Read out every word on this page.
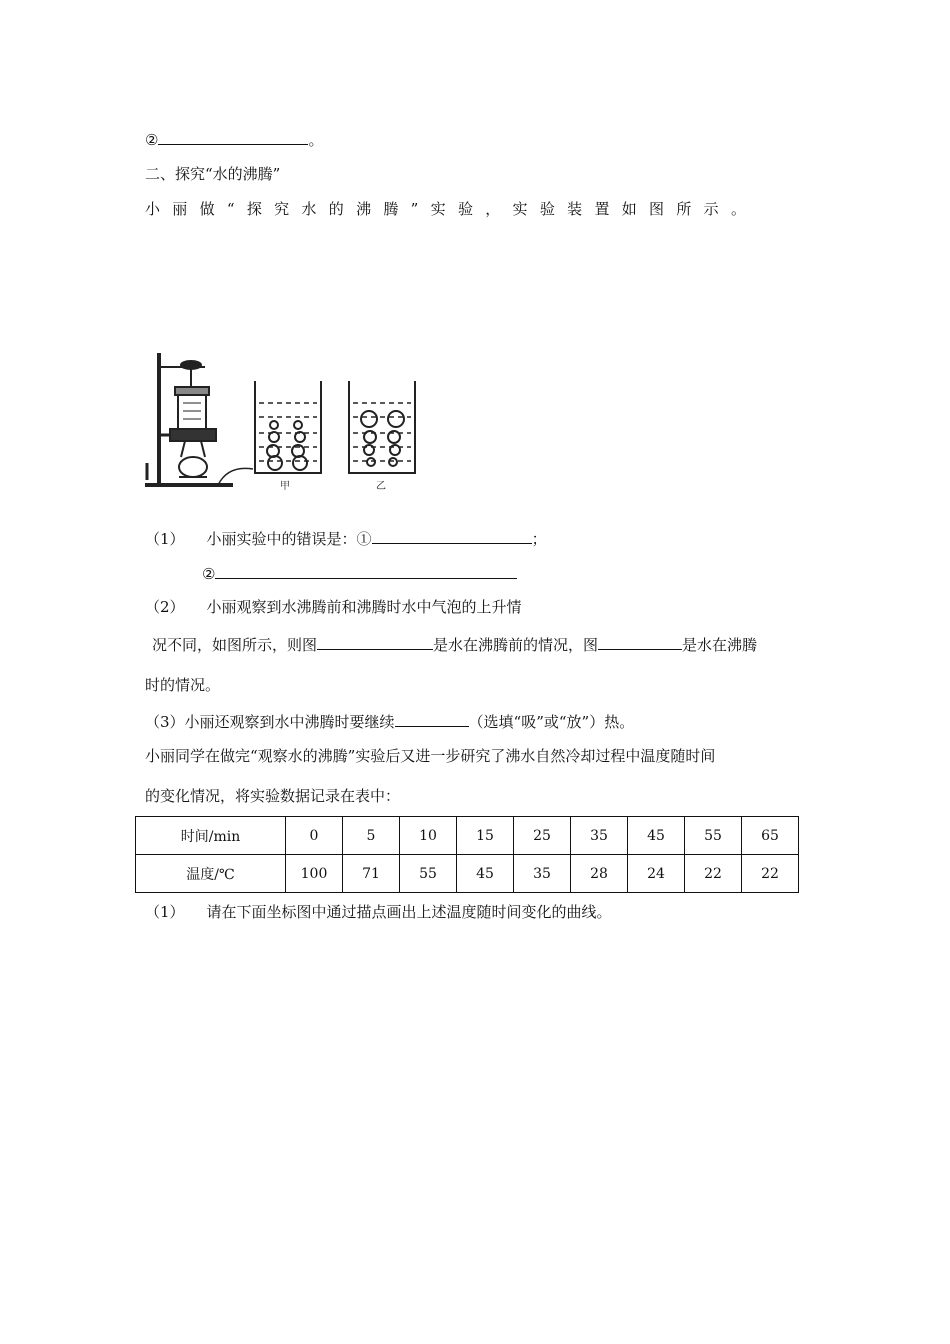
②	。
二、探究“水的沸腾”
小丽做“探究水的沸腾”实验，实验装置如图所示。
甲	乙
（1） 小丽实验中的错误是：①	；
②
（2） 小丽观察到水沸腾前和沸腾时水中气泡的上升情
况不同，如图所示，则图	是水在沸腾前的情况，图	是水在沸腾
时的情况。
（3）小丽还观察到水中沸腾时要继续	（选填“吸”或“放”）热。
小丽同学在做完“观察水的沸腾”实验后又进一步研究了沸水自然冷却过程中温度随时间
的变化情况，将实验数据记录在表中：
时间/min	0	5	10	15	25	35	45	55	65
温度/℃	100	71	55	45	35	28	24	22	22
（1） 请在下面坐标图中通过描点画出上述温度随时间变化的曲线。
